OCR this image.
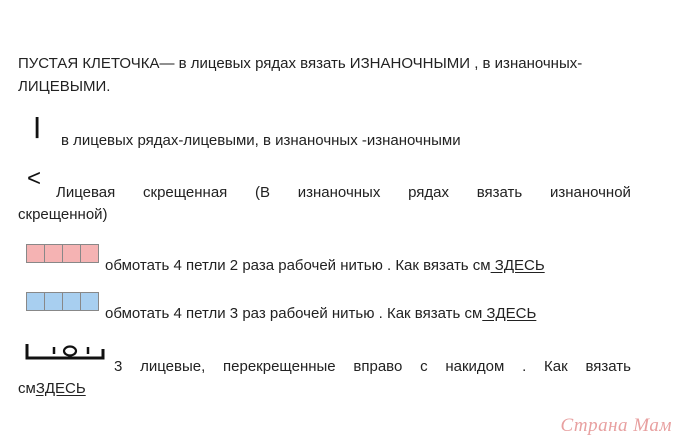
ПУСТАЯ КЛЕТОЧКА— в лицевых рядах вязать ИЗНАНОЧНЫМИ , в изнаночных-
ЛИЦЕВЫМИ.
|
в лицевых рядах-лицевыми, в изнаночных -изнаночными
<
Лицевая скрещенная (В изнаночных рядах вязать изнаночной
скрещенной)
обмотать 4 петли 2 раза рабочей нитью . Как вязать см ЗДЕСЬ
обмотать 4 петли 3 раз рабочей нитью . Как вязать см ЗДЕСЬ
3 лицевые, перекрещенные вправо с накидом . Как вязать
смЗДЕСЬ
Страна Мам
